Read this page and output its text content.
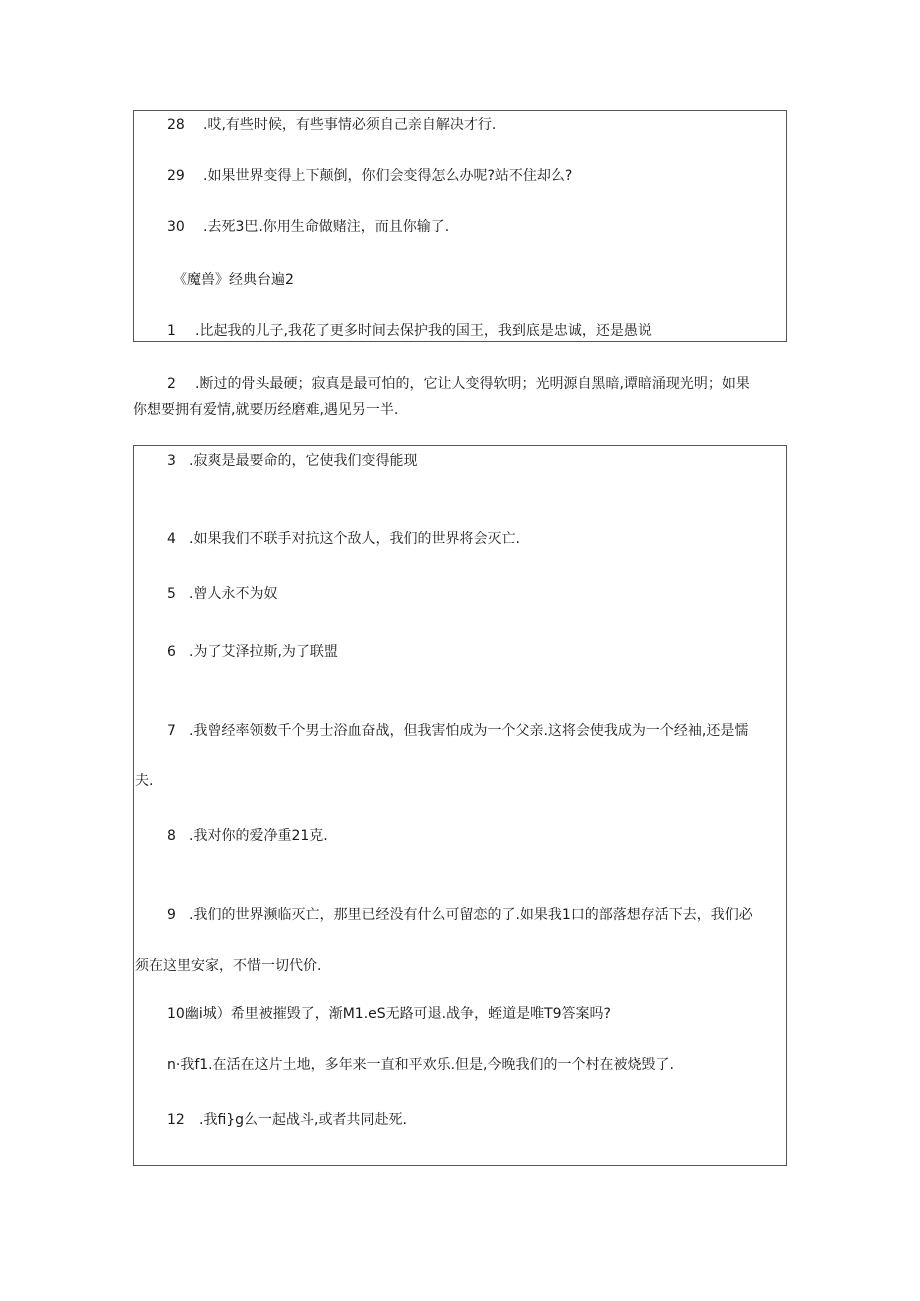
28 .哎,有些时候，有些事情必须自己亲自解决才行.
29 .如果世界变得上下颠倒，你们会变得怎么办呢?站不住却么?
30 .去死3巴.你用生命做赌注，而且你输了.
《魔兽》经典台遍2
1 .比起我的儿子,我花了更多时间去保护我的国王，我到底是忠诚，还是愚说
2 .断过的骨头最硬；寂真是最可怕的，它让人变得软明；光明源自黑暗,谭暗涌现光明；如果
你想要拥有爱情,就要历经磨难,遇见另一半.
3 .寂爽是最要命的，它使我们变得能现
4 .如果我们不联手对抗这个敌人，我们的世界将会灭亡.
5 .曾人永不为奴
6 .为了艾泽拉斯,为了联盟
7 .我曾经率领数千个男士浴血奋战，但我害怕成为一个父亲.这将会使我成为一个经袖,还是懦
夫.
8 .我对你的爱净重21克.
9 .我们的世界濒临灭亡，那里已经没有什么可留恋的了.如果我1口的部落想存活下去，我们必
须在这里安家，不惜一切代价.
10幽i城）希里被摧毁了，渐M1.eS无路可退.战争，蛭道是唯T9答案吗?
n·我f1.在活在这片土地，多年来一直和平欢乐.但是,今晚我们的一个村在被烧毁了.
12 .我fi}g么一起战斗,或者共同赴死.
